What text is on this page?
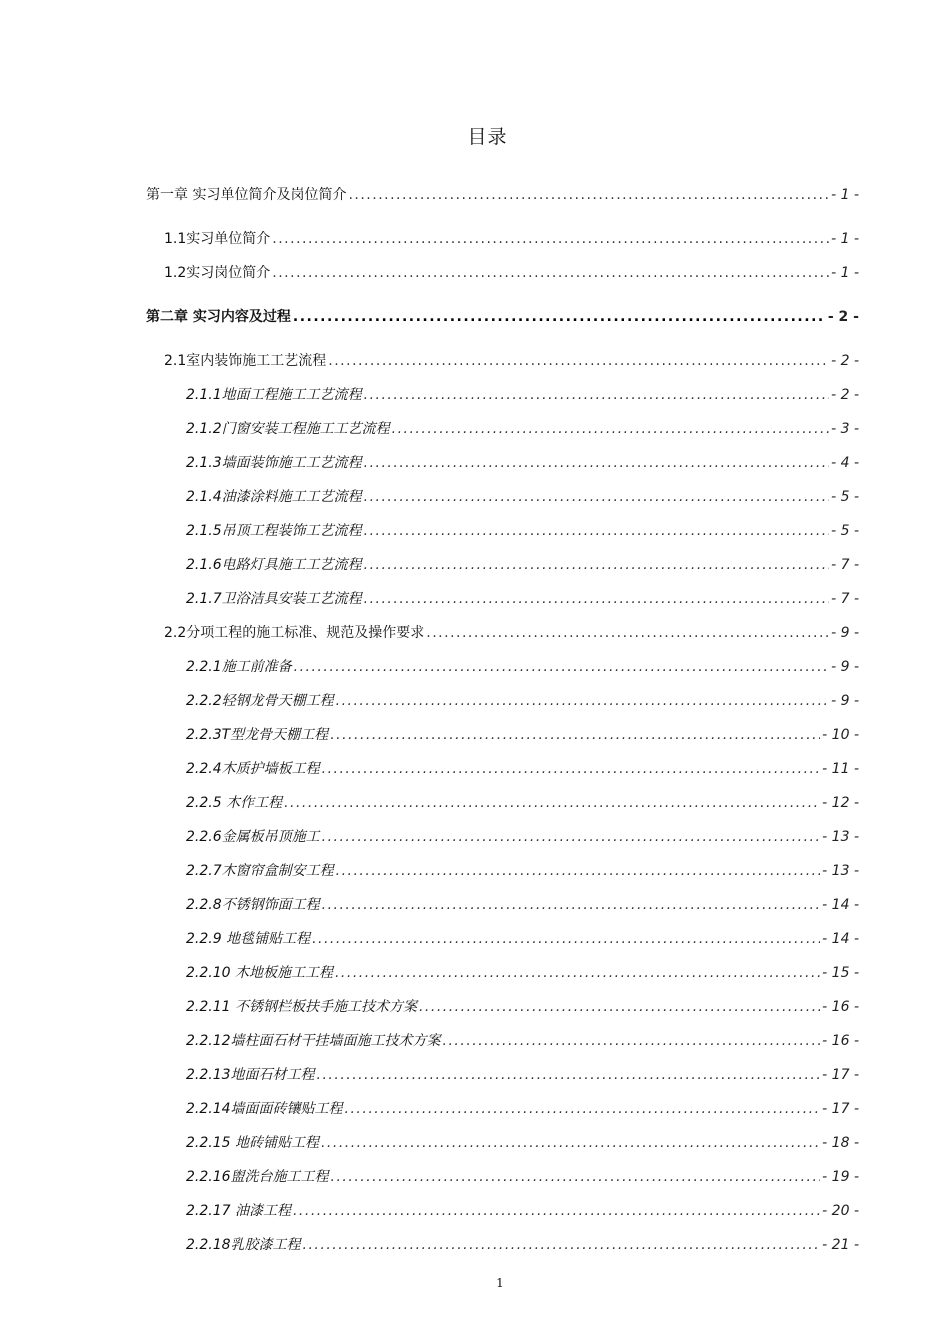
目录
第一章 实习单位简介及岗位简介 .....	- 1 -
1.1实习单位简介 .....	- 1 -
1.2实习岗位简介 .....	- 1 -
第二章 实习内容及过程 .....	- 2 -
2.1室内装饰施工工艺流程 .....	- 2 -
2.1.1地面工程施工工艺流程 .....	- 2 -
2.1.2门窗安装工程施工工艺流程 .....	- 3 -
2.1.3墙面装饰施工工艺流程 .....	- 4 -
2.1.4油漆涂料施工工艺流程 .....	- 5 -
2.1.5吊顶工程装饰工艺流程 .....	- 5 -
2.1.6电路灯具施工工艺流程 .....	- 7 -
2.1.7卫浴洁具安装工艺流程 .....	- 7 -
2.2分项工程的施工标准、规范及操作要求 .....	- 9 -
2.2.1施工前准备 .....	- 9 -
2.2.2轻钢龙骨天棚工程 .....	- 9 -
2.2.3T型龙骨天棚工程 .....	- 10 -
2.2.4木质护墙板工程 .....	- 11 -
2.2.5 木作工程 .....	- 12 -
2.2.6金属板吊顶施工 .....	- 13 -
2.2.7木窗帘盒制安工程 .....	- 13 -
2.2.8不锈钢饰面工程 .....	- 14 -
2.2.9 地毯铺贴工程 .....	- 14 -
2.2.10 木地板施工工程 .....	- 15 -
2.2.11 不锈钢栏板扶手施工技术方案 .....	- 16 -
2.2.12墙柱面石材干挂墙面施工技术方案 .....	- 16 -
2.2.13地面石材工程 .....	- 17 -
2.2.14墙面面砖镶贴工程 .....	- 17 -
2.2.15 地砖铺贴工程 .....	- 18 -
2.2.16盥洗台施工工程 .....	- 19 -
2.2.17 油漆工程 .....	- 20 -
2.2.18乳胶漆工程 .....	- 21 -
1
